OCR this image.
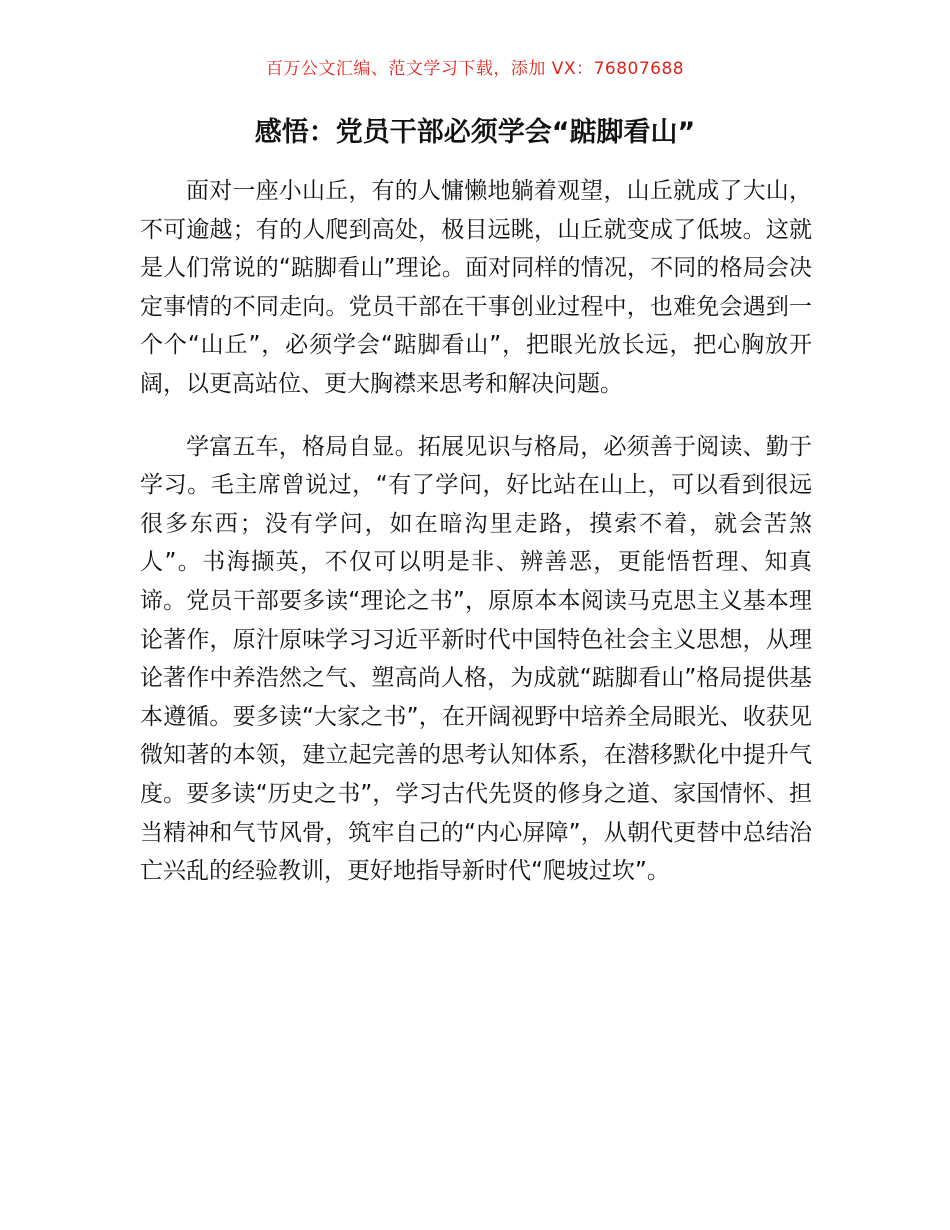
百万公文汇编、范文学习下载，添加 VX：76807688
感悟：党员干部必须学会“踮脚看山”

面对一座小山丘，有的人慵懒地躺着观望，山丘就成了大山，不可逾越；有的人爬到高处，极目远眺，山丘就变成了低坡。这就是人们常说的“踮脚看山”理论。面对同样的情况，不同的格局会决定事情的不同走向。党员干部在干事创业过程中，也难免会遇到一个个“山丘”，必须学会“踮脚看山”，把眼光放长远，把心胸放开阔，以更高站位、更大胸襟来思考和解决问题。

学富五车，格局自显。拓展见识与格局，必须善于阅读、勤于学习。毛主席曾说过，“有了学问，好比站在山上，可以看到很远很多东西；没有学问，如在暗沟里走路，摸索不着，就会苦煞人”。书海撷英，不仅可以明是非、辨善恶，更能悟哲理、知真谛。党员干部要多读“理论之书”，原原本本阅读马克思主义基本理论著作，原汁原味学习习近平新时代中国特色社会主义思想，从理论著作中养浩然之气、塑高尚人格，为成就“踮脚看山”格局提供基本遵循。要多读“大家之书”，在开阔视野中培养全局眼光、收获见微知著的本领，建立起完善的思考认知体系，在潜移默化中提升气度。要多读“历史之书”，学习古代先贤的修身之道、家国情怀、担当精神和气节风骨，筑牢自己的“内心屏障”，从朝代更替中总结治亡兴乱的经验教训，更好地指导新时代“爬坡过坎”。
